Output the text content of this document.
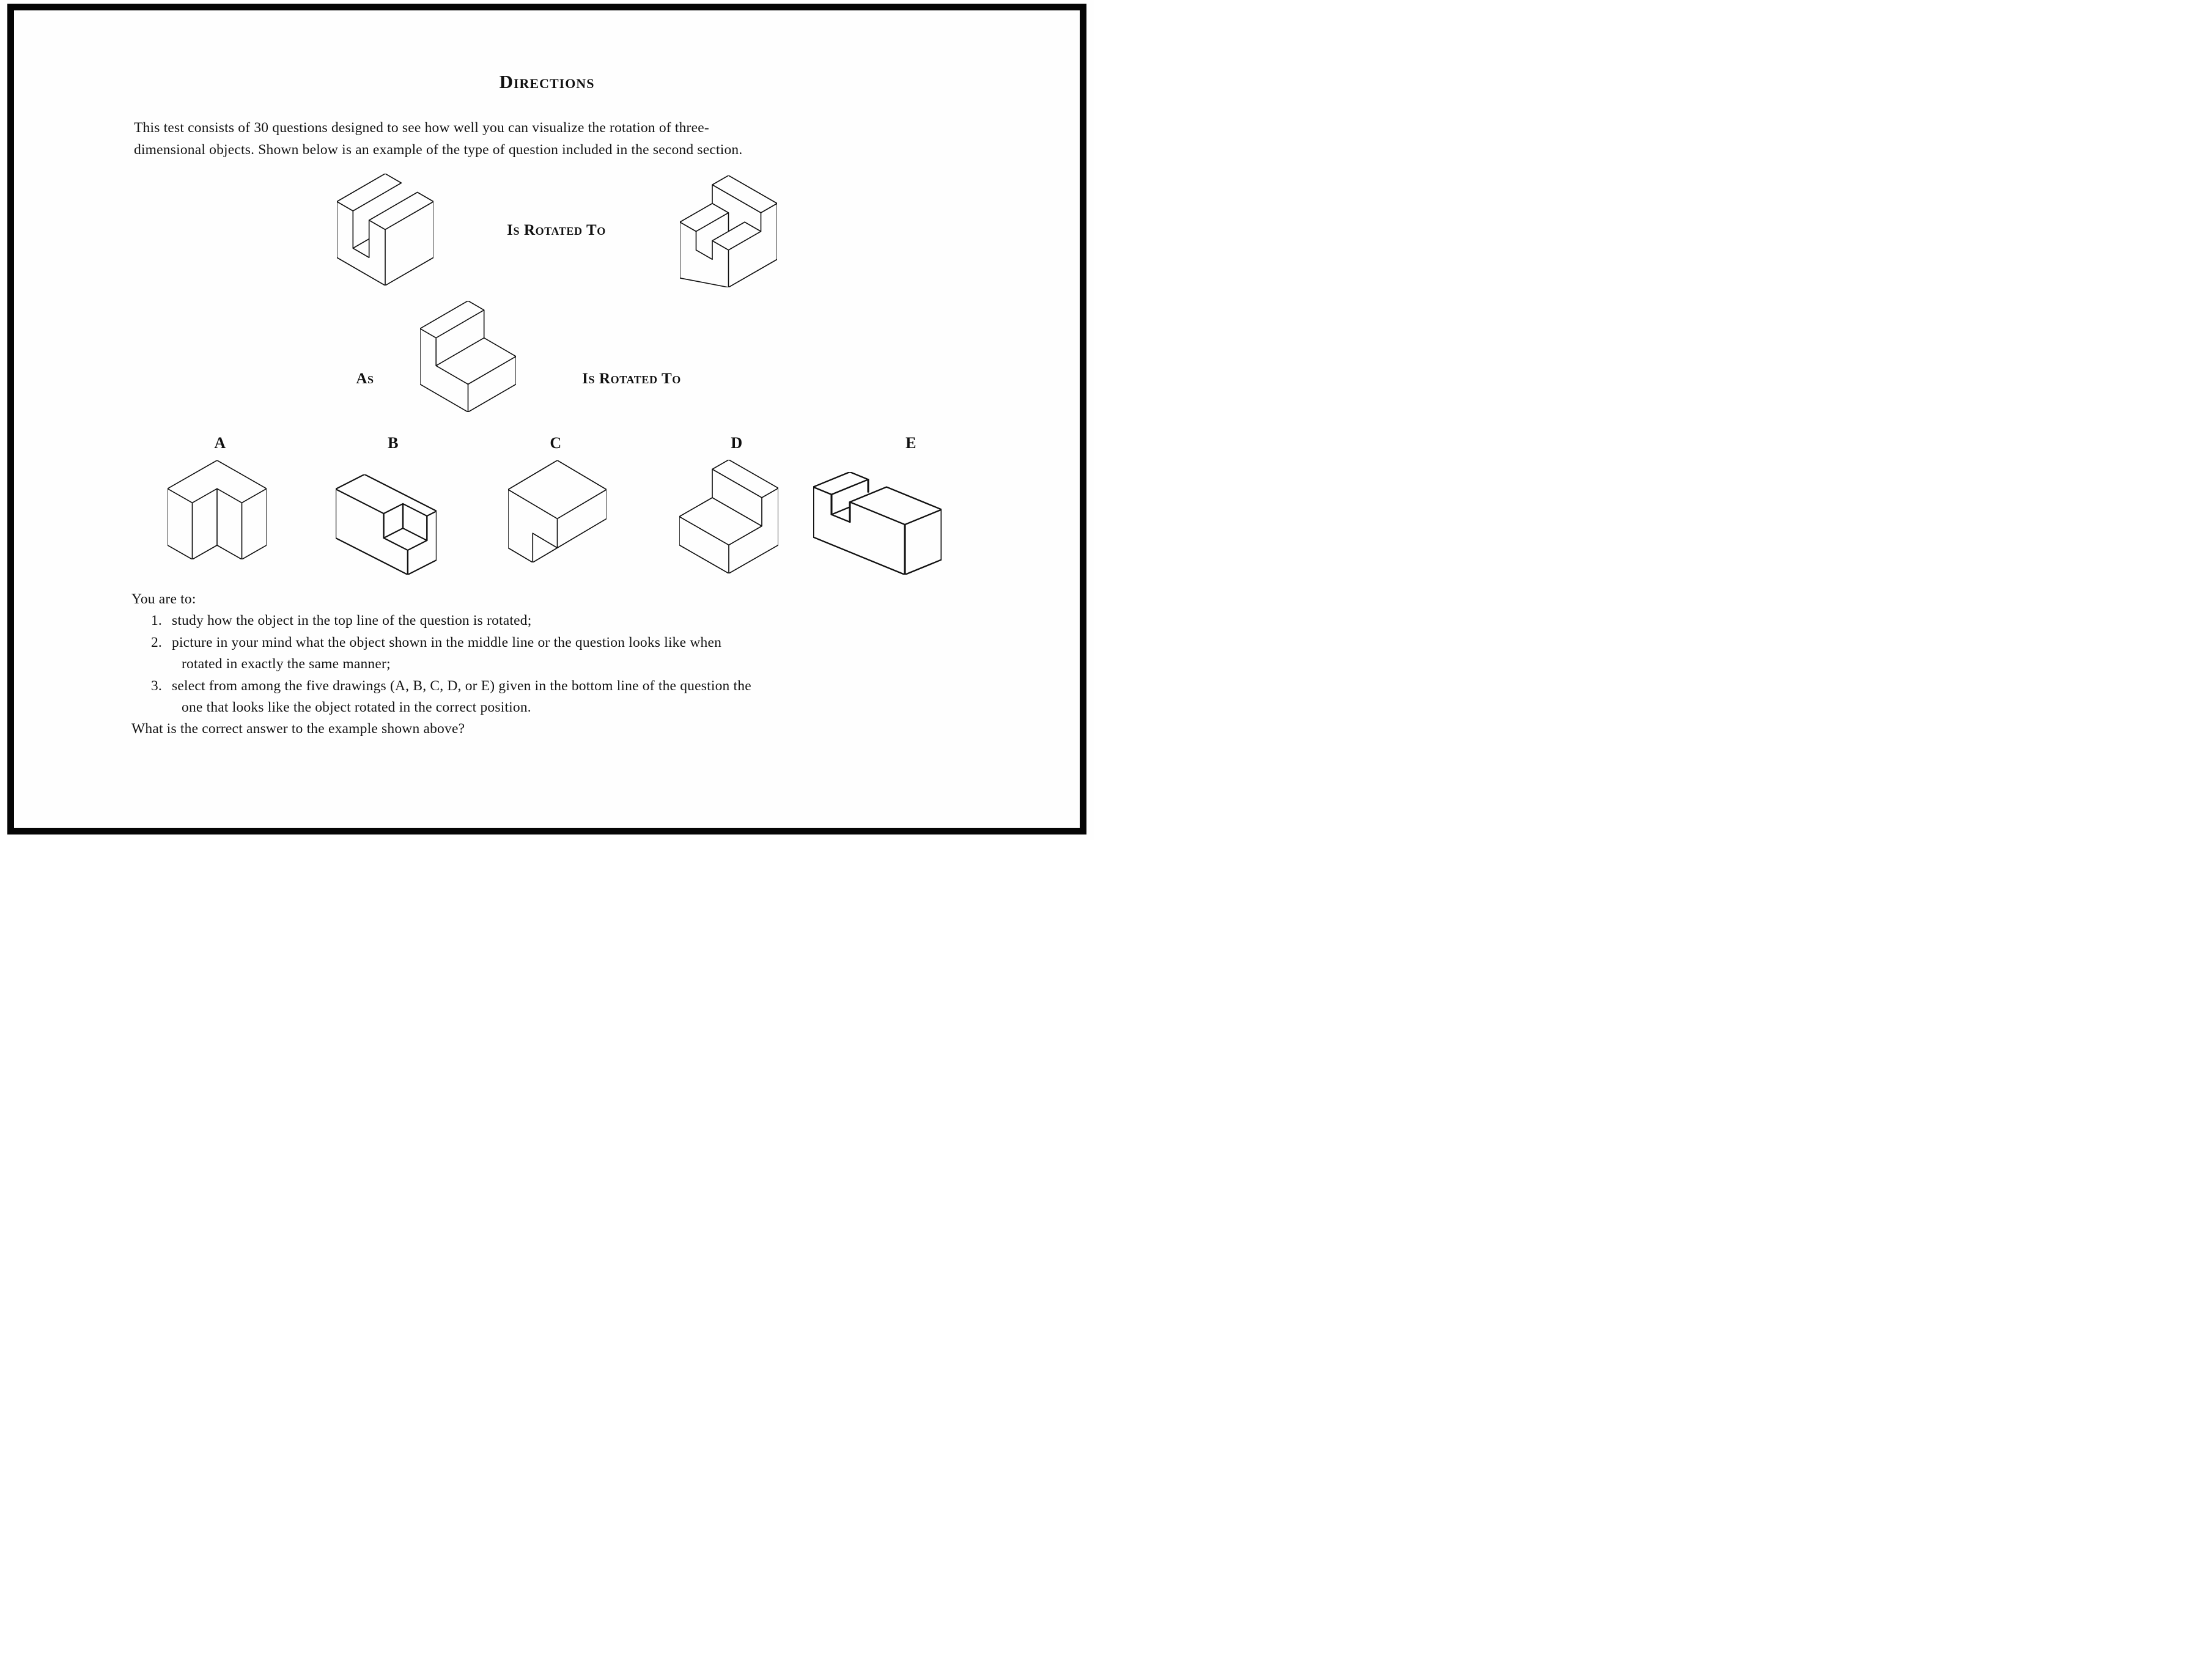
Directions
This test consists of 30 questions designed to see how well you can visualize the rotation of three-
dimensional objects. Shown below is an example of the type of question included in the second section.
Is Rotated To
As	Is Rotated To
A	B	C	D	E
You are to:
1. study how the object in the top line of the question is rotated;
2. picture in your mind what the object shown in the middle line or the question looks like when
rotated in exactly the same manner;
3. select from among the five drawings (A, B, C, D, or E) given in the bottom line of the question the
one that looks like the object rotated in the correct position.
What is the correct answer to the example shown above?
